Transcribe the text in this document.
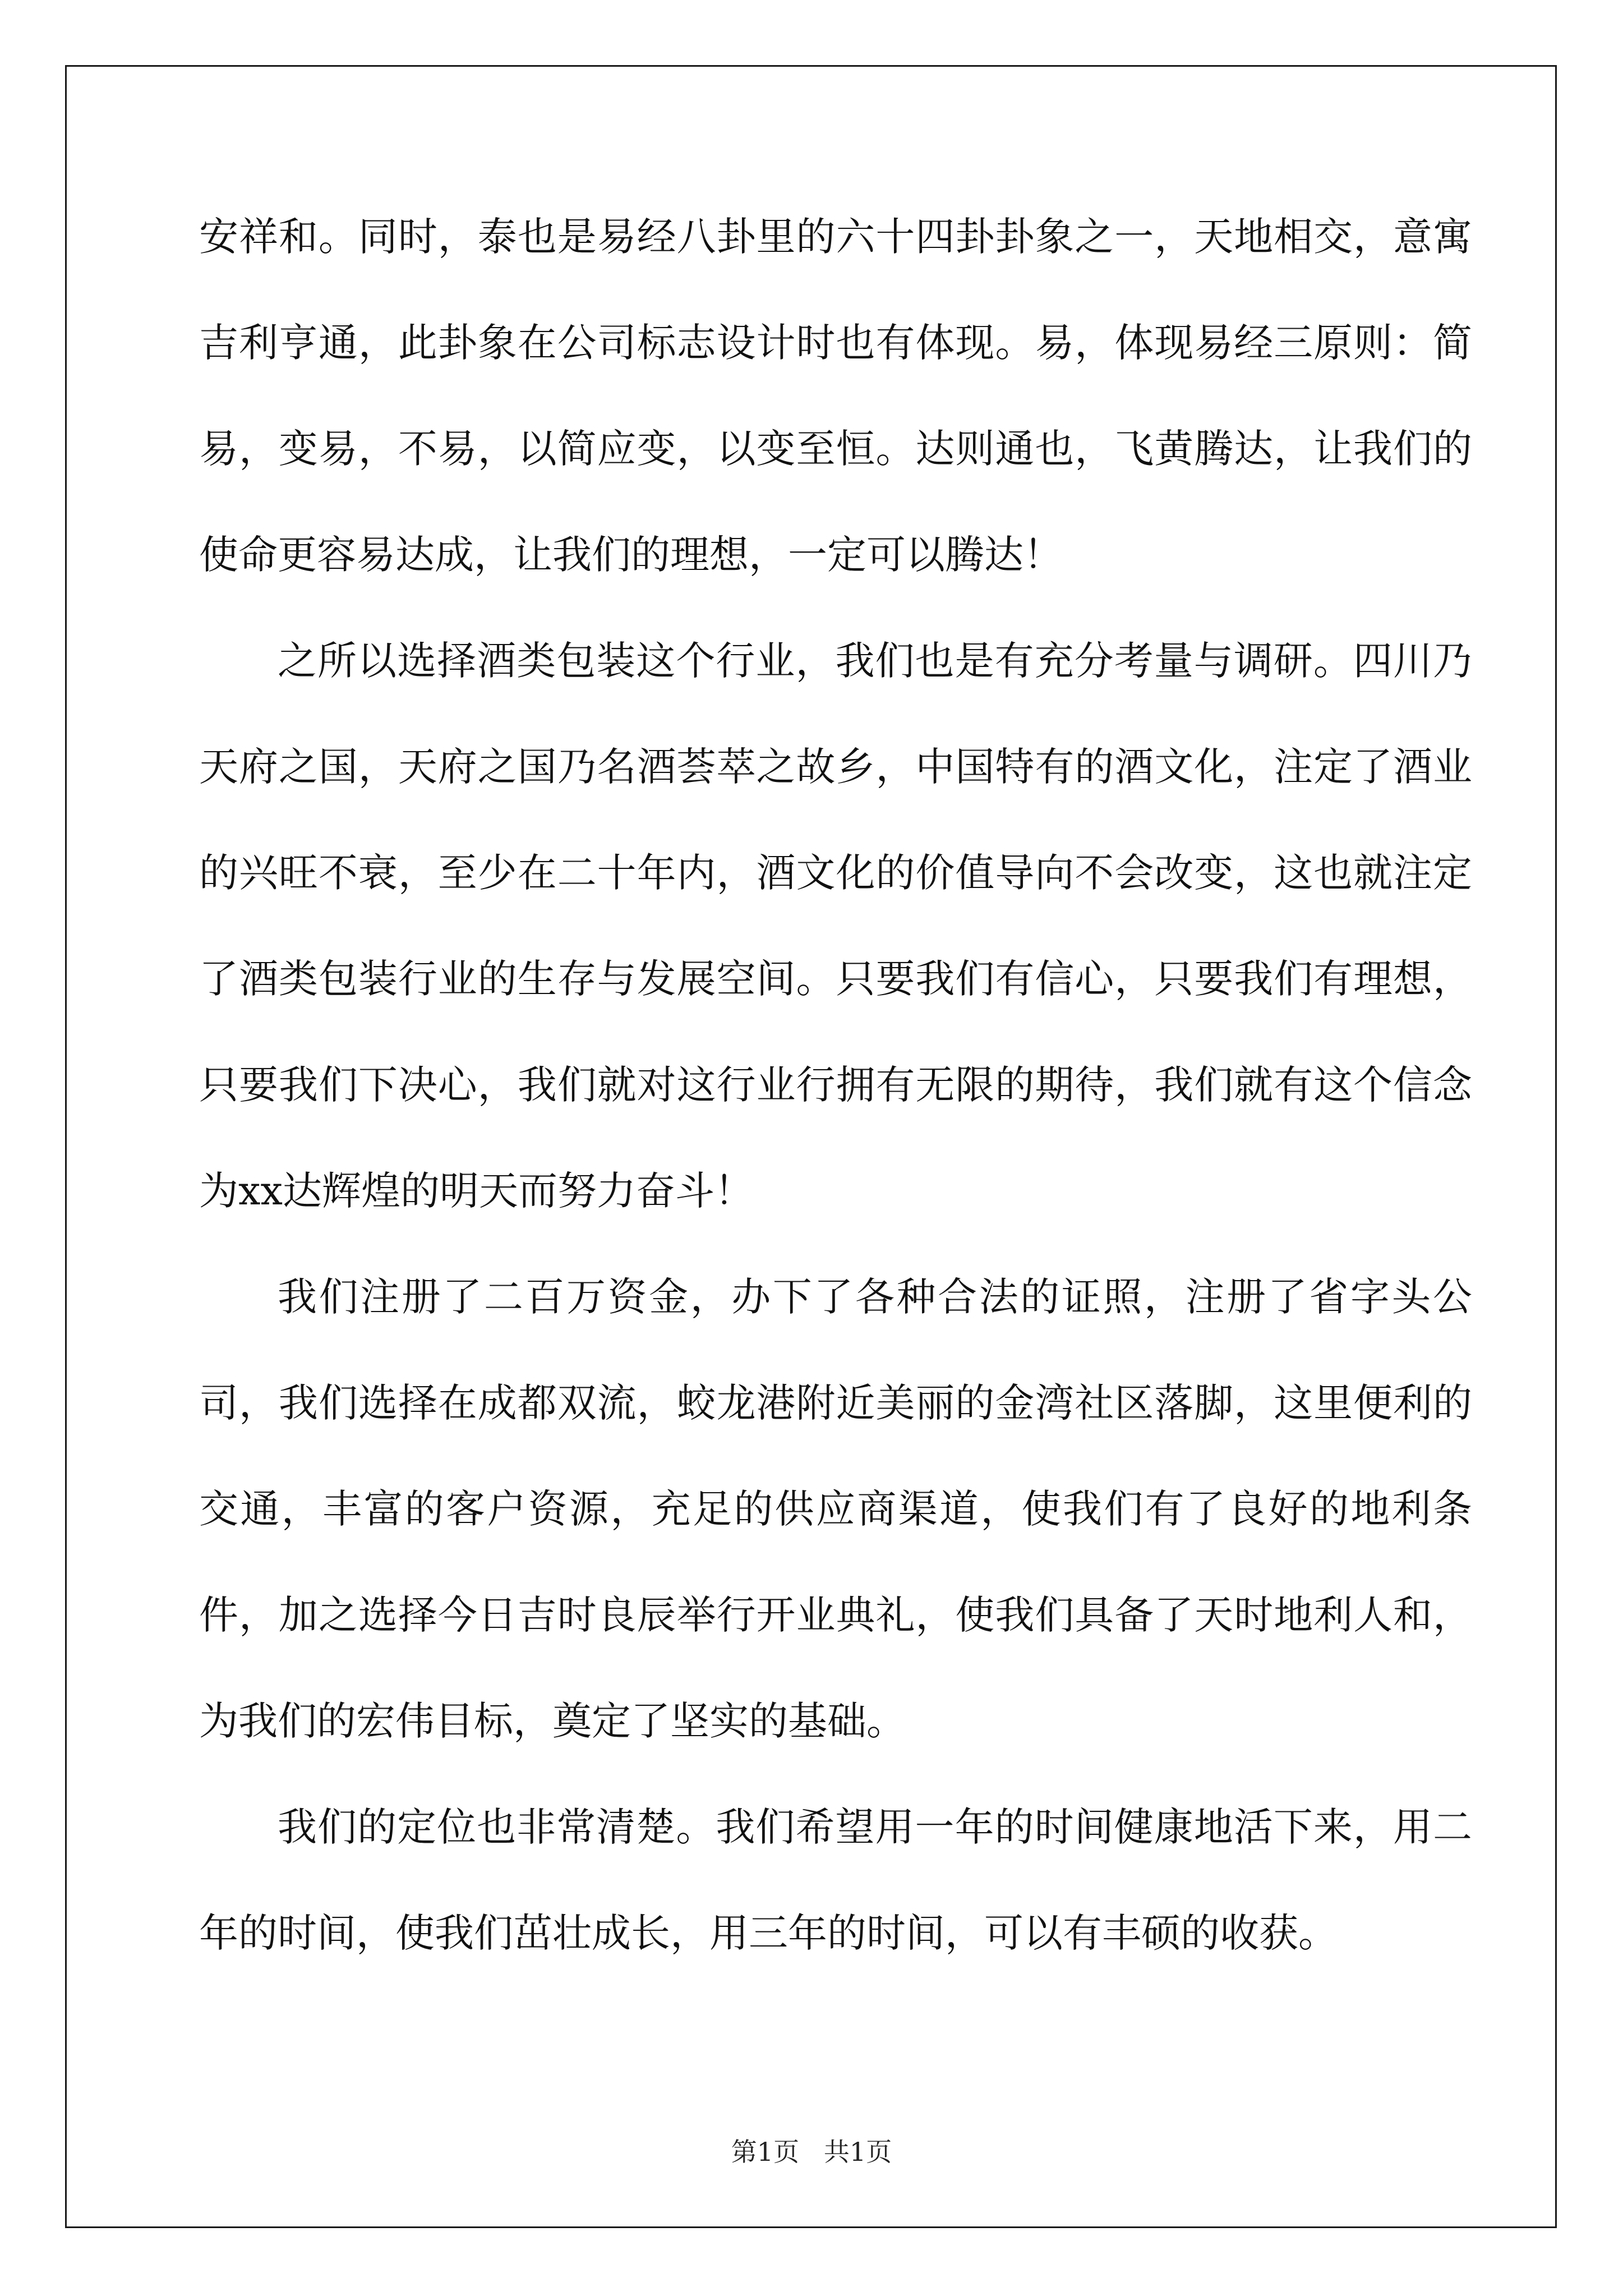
安祥和。同时，泰也是易经八卦里的六十四卦卦象之一，天地相交，意寓吉利亨通，此卦象在公司标志设计时也有体现。易，体现易经三原则：简易，变易，不易，以简应变，以变至恒。达则通也，飞黄腾达，让我们的使命更容易达成，让我们的理想，一定可以腾达！

之所以选择酒类包装这个行业，我们也是有充分考量与调研。四川乃天府之国，天府之国乃名酒荟萃之故乡，中国特有的酒文化，注定了酒业的兴旺不衰，至少在二十年内，酒文化的价值导向不会改变，这也就注定了酒类包装行业的生存与发展空间。只要我们有信心，只要我们有理想，只要我们下决心，我们就对这行业行拥有无限的期待，我们就有这个信念为xx达辉煌的明天而努力奋斗！

我们注册了二百万资金，办下了各种合法的证照，注册了省字头公司，我们选择在成都双流，蛟龙港附近美丽的金湾社区落脚，这里便利的交通，丰富的客户资源，充足的供应商渠道，使我们有了良好的地利条件，加之选择今日吉时良辰举行开业典礼，使我们具备了天时地利人和，为我们的宏伟目标，奠定了坚实的基础。

我们的定位也非常清楚。我们希望用一年的时间健康地活下来，用二年的时间，使我们茁壮成长，用三年的时间，可以有丰硕的收获。

第1页   共1页
